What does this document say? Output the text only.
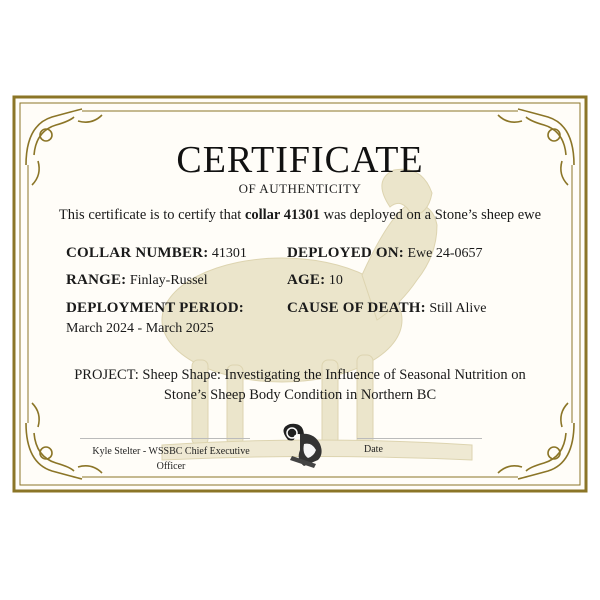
CERTIFICATE
OF AUTHENTICITY
This certificate is to certify that collar 41301 was deployed on a Stone’s sheep ewe
COLLAR NUMBER: 41301	DEPLOYED ON: Ewe 24-0657
RANGE: Finlay-Russel	AGE: 10
DEPLOYMENT PERIOD:
March 2024 - March 2025
CAUSE OF DEATH: Still Alive
PROJECT: Sheep Shape: Investigating the Influence of Seasonal Nutrition on
Stone’s Sheep Body Condition in Northern BC
Kyle Stelter - WSSBC Chief Executive
Officer
Date
